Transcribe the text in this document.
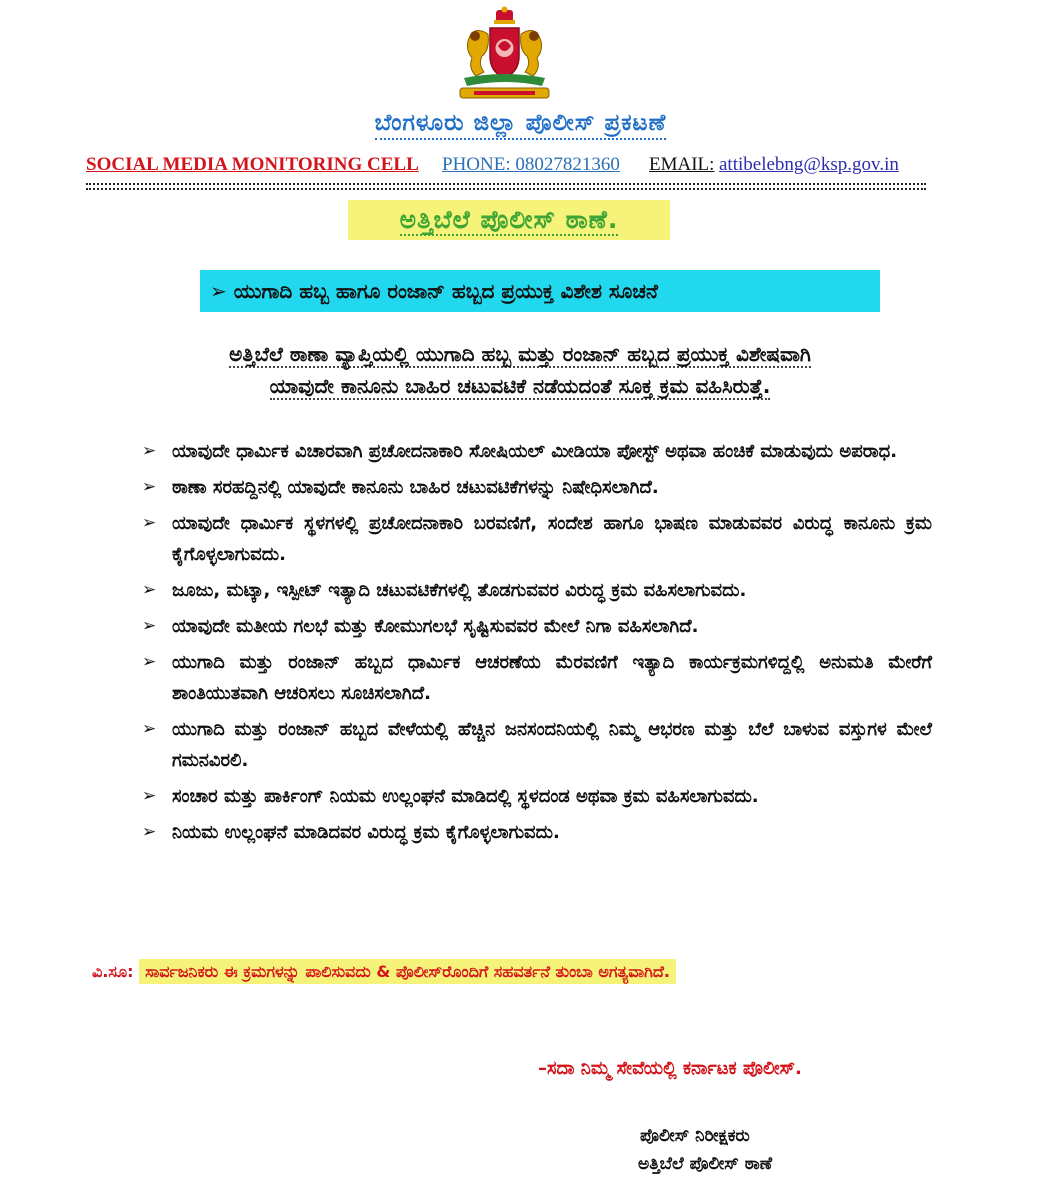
ಬೆಂಗಳೂರು ಜಿಲ್ಲಾ ಪೊಲೀಸ್ ಪ್ರಕಟಣೆ
SOCIAL MEDIA MONITORING CELL PHONE: 08027821360 EMAIL: attibelebng@ksp.gov.in
ಅತ್ತಿಬೆಲೆ ಪೊಲೀಸ್ ಠಾಣೆ.
➢ ಯುಗಾದಿ ಹಬ್ಬ ಹಾಗೂ ರಂಜಾನ್ ಹಬ್ಬದ ಪ್ರಯುಕ್ತ ವಿಶೇಶ ಸೂಚನೆ
ಅತ್ತಿಬೆಲೆ ಠಾಣಾ ವ್ಯಾಪ್ತಿಯಲ್ಲಿ ಯುಗಾದಿ ಹಬ್ಬ ಮತ್ತು ರಂಜಾನ್ ಹಬ್ಬದ ಪ್ರಯುಕ್ತ ವಿಶೇಷವಾಗಿ
ಯಾವುದೇ ಕಾನೂನು ಬಾಹಿರ ಚಟುವಟಿಕೆ ನಡೆಯದಂತೆ ಸೂಕ್ತ ಕ್ರಮ ವಹಿಸಿರುತ್ತೆ.
➢ ಯಾವುದೇ ಧಾರ್ಮಿಕ ವಿಚಾರವಾಗಿ ಪ್ರಚೋದನಾಕಾರಿ ಸೋಷಿಯಲ್ ಮೀಡಿಯಾ ಪೋಸ್ಟ್ ಅಥವಾ ಹಂಚಿಕೆ ಮಾಡುವುದು ಅಪರಾಧ.
➢ ಠಾಣಾ ಸರಹದ್ದಿನಲ್ಲಿ ಯಾವುದೇ ಕಾನೂನು ಬಾಹಿರ ಚಟುವಟಿಕೆಗಳನ್ನು ನಿಷೇಧಿಸಲಾಗಿದೆ.
➢ ಯಾವುದೇ ಧಾರ್ಮಿಕ ಸ್ಥಳಗಳಲ್ಲಿ ಪ್ರಚೋದನಾಕಾರಿ ಬರವಣಿಗೆ, ಸಂದೇಶ ಹಾಗೂ ಭಾಷಣ ಮಾಡುವವರ ವಿರುದ್ಧ ಕಾನೂನು ಕ್ರಮ ಕೈಗೊಳ್ಳಲಾಗುವದು.
➢ ಜೂಜು, ಮಟ್ಕಾ, ಇಸ್ಪೀಟ್ ಇತ್ಯಾದಿ ಚಟುವಟಿಕೆಗಳಲ್ಲಿ ತೊಡಗುವವರ ವಿರುದ್ಧ ಕ್ರಮ ವಹಿಸಲಾಗುವದು.
➢ ಯಾವುದೇ ಮತೀಯ ಗಲಭೆ ಮತ್ತು ಕೋಮುಗಲಭೆ ಸೃಷ್ಟಿಸುವವರ ಮೇಲೆ ನಿಗಾ ವಹಿಸಲಾಗಿದೆ.
➢ ಯುಗಾದಿ ಮತ್ತು ರಂಜಾನ್ ಹಬ್ಬದ ಧಾರ್ಮಿಕ ಆಚರಣೆಯ ಮೆರವಣಿಗೆ ಇತ್ಯಾದಿ ಕಾರ್ಯಕ್ರಮಗಳಿದ್ದಲ್ಲಿ ಅನುಮತಿ ಮೇರೆಗೆ ಶಾಂತಿಯುತವಾಗಿ ಆಚರಿಸಲು ಸೂಚಿಸಲಾಗಿದೆ.
➢ ಯುಗಾದಿ ಮತ್ತು ರಂಜಾನ್ ಹಬ್ಬದ ವೇಳೆಯಲ್ಲಿ ಹೆಚ್ಚಿನ ಜನಸಂದನಿಯಲ್ಲಿ ನಿಮ್ಮ ಆಭರಣ ಮತ್ತು ಬೆಲೆ ಬಾಳುವ ವಸ್ತುಗಳ ಮೇಲೆ ಗಮನವಿರಲಿ.
➢ ಸಂಚಾರ ಮತ್ತು ಪಾರ್ಕಿಂಗ್ ನಿಯಮ ಉಲ್ಲಂಘನೆ ಮಾಡಿದಲ್ಲಿ ಸ್ಥಳದಂಡ ಅಥವಾ ಕ್ರಮ ವಹಿಸಲಾಗುವದು.
➢ ನಿಯಮ ಉಲ್ಲಂಘನೆ ಮಾಡಿದವರ ವಿರುದ್ಧ ಕ್ರಮ ಕೈಗೊಳ್ಳಲಾಗುವದು.
ವಿ.ಸೂ: ಸಾರ್ವಜನಿಕರು ಈ ಕ್ರಮಗಳನ್ನು ಪಾಲಿಸುವದು & ಪೊಲೀಸ್‌ರೊಂದಿಗೆ ಸಹವರ್ತನೆ ತುಂಬಾ ಅಗತ್ಯವಾಗಿದೆ.
–ಸದಾ ನಿಮ್ಮ ಸೇವೆಯಲ್ಲಿ ಕರ್ನಾಟಕ ಪೊಲೀಸ್.
ಪೊಲೀಸ್ ನಿರೀಕ್ಷಕರು
ಅತ್ತಿಬೆಲೆ ಪೊಲೀಸ್ ಠಾಣೆ
